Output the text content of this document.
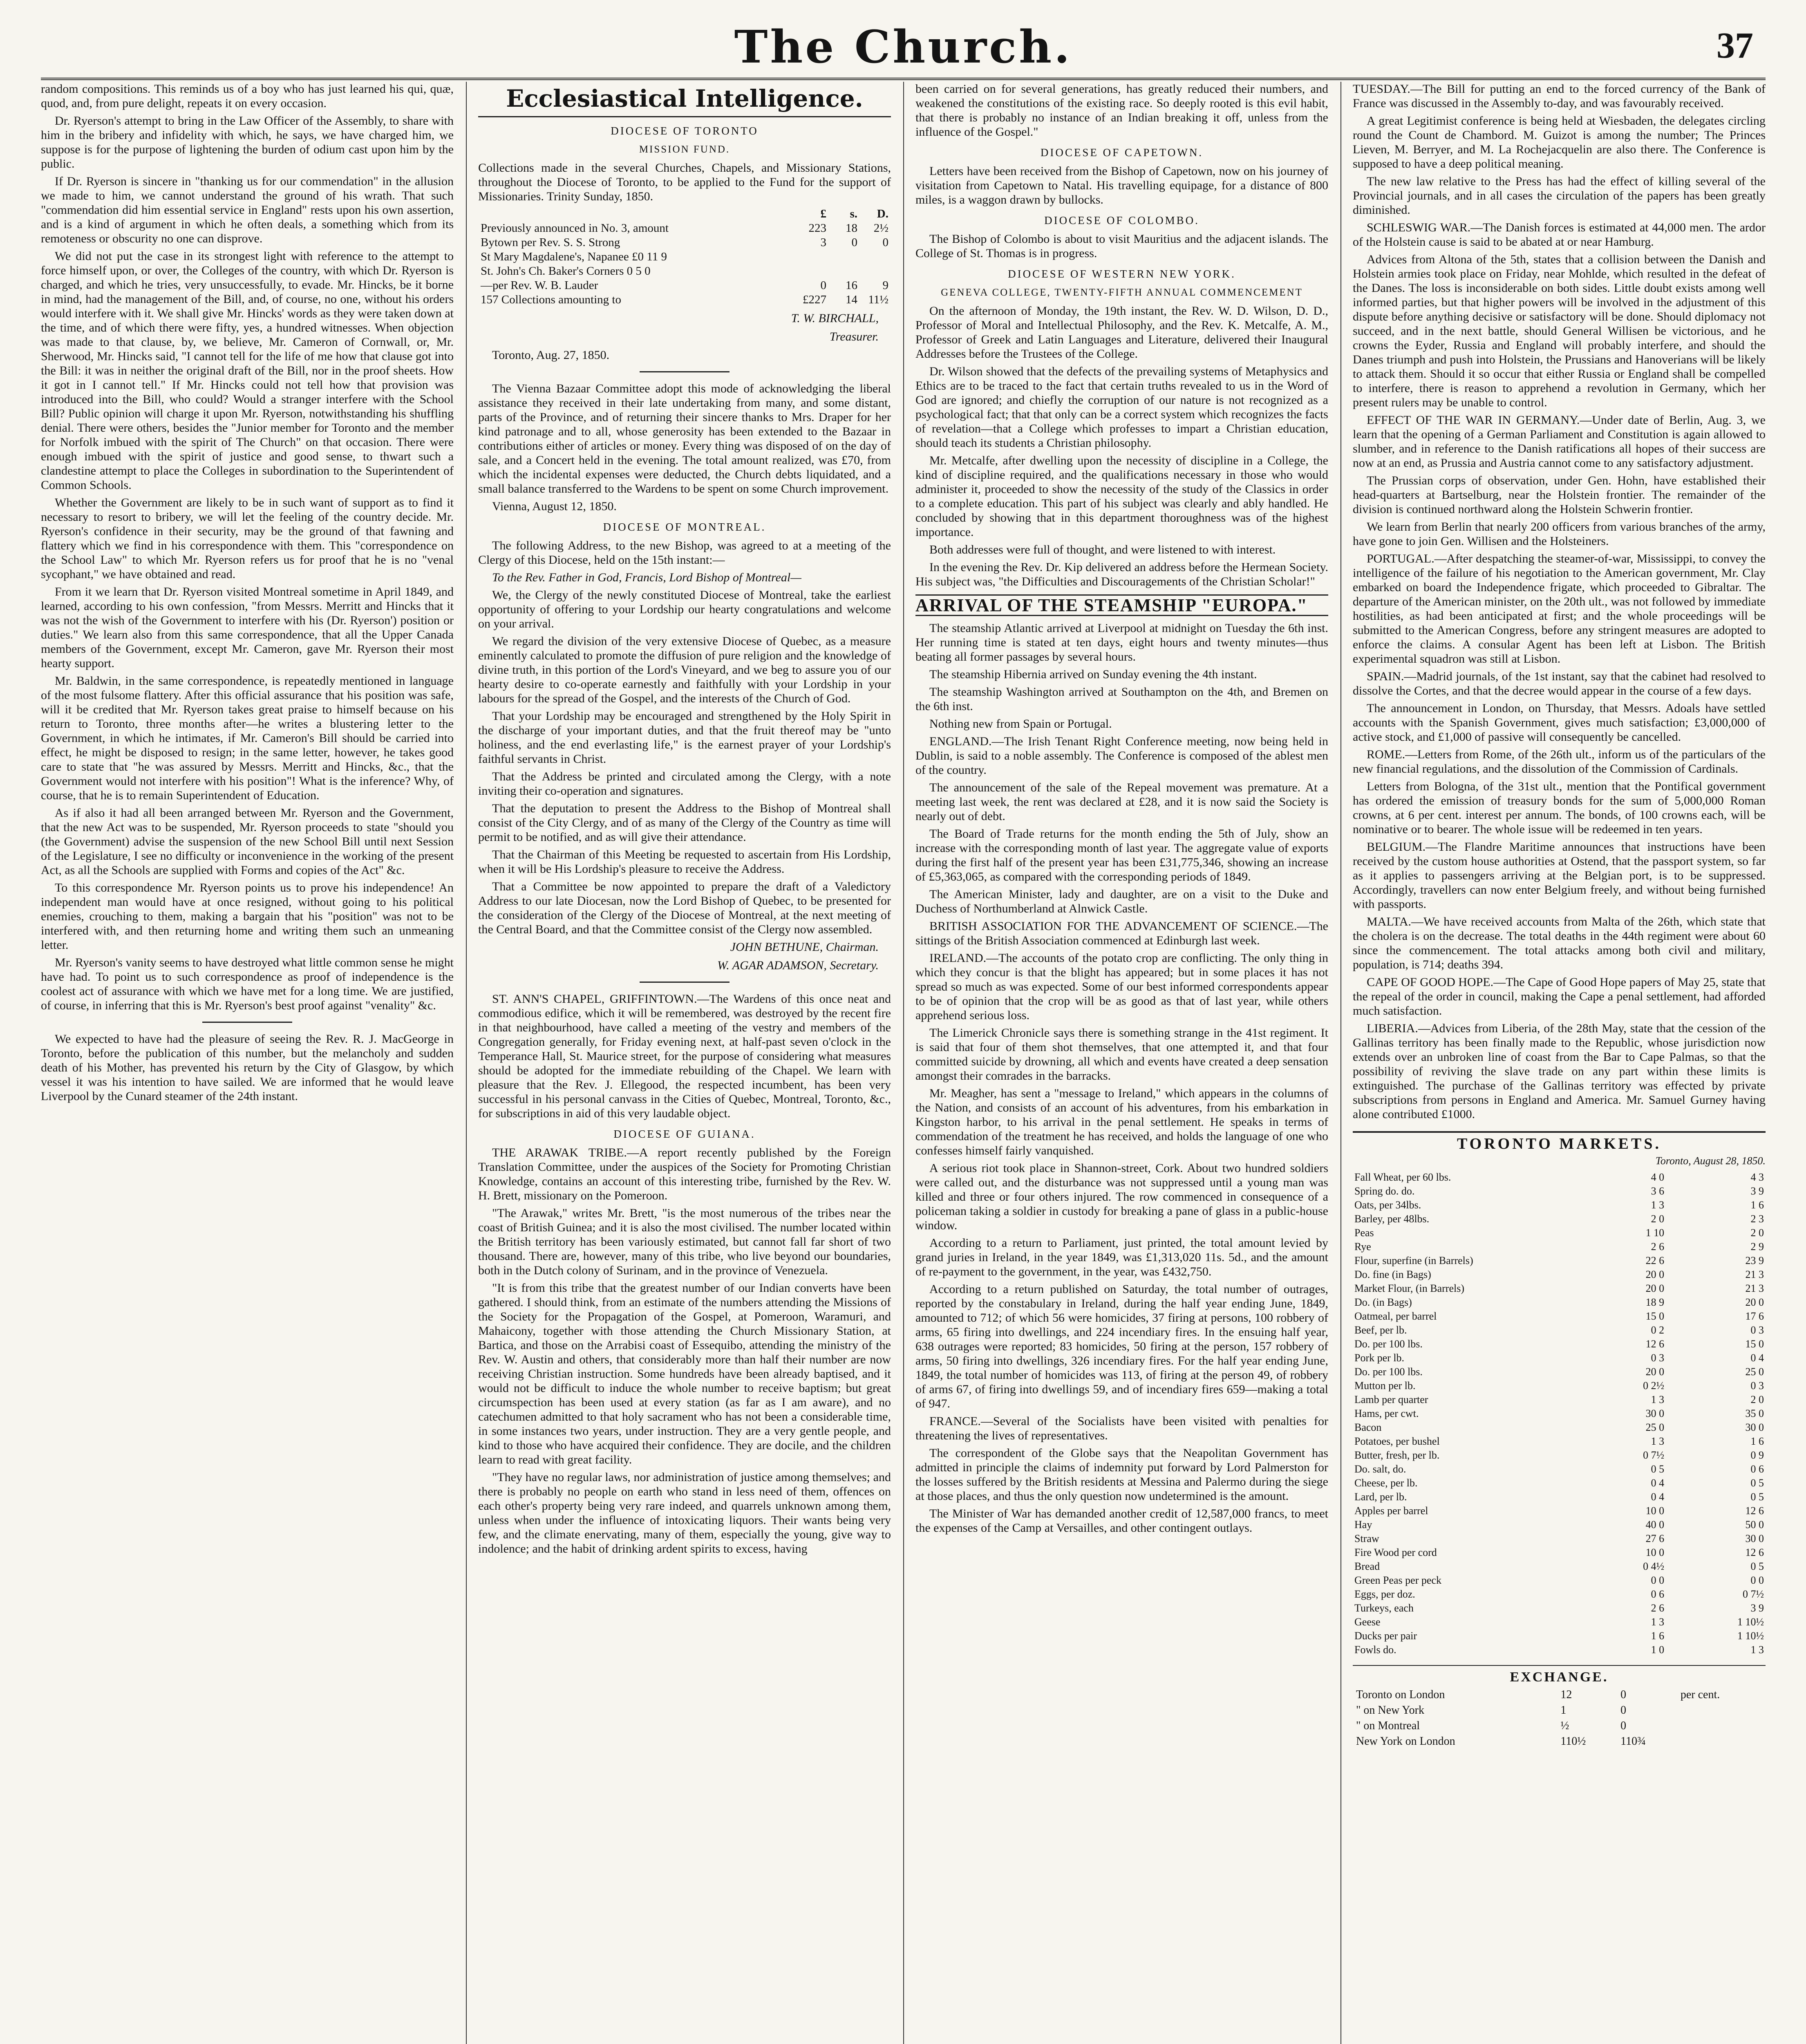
The Church.	37

random compositions. This reminds us of a boy who has just learned his qui, quæ, quod, and, from pure delight, repeats it on every occasion.

Dr. Ryerson's attempt to bring in the Law Officer of the Assembly, to share with him in the bribery and infidelity with which, he says, we have charged him, we suppose is for the purpose of lightening the burden of odium cast upon him by the public.

If Dr. Ryerson is sincere in "thanking us for our commendation" in the allusion we made to him, we cannot understand the ground of his wrath. That such "commendation did him essential service in England" rests upon his own assertion, and is a kind of argument in which he often deals, a something which from its remoteness or obscurity no one can disprove.

We did not put the case in its strongest light with reference to the attempt to force himself upon, or over, the Colleges of the country, with which Dr. Ryerson is charged, and which he tries, very unsuccessfully, to evade. Mr. Hincks, be it borne in mind, had the management of the Bill, and, of course, no one, without his orders would interfere with it. We shall give Mr. Hincks' words as they were taken down at the time, and of which there were fifty, yes, a hundred witnesses. When objection was made to that clause, by, we believe, Mr. Cameron of Cornwall, or, Mr. Sherwood, Mr. Hincks said, "I cannot tell for the life of me how that clause got into the Bill: it was in neither the original draft of the Bill, nor in the proof sheets. How it got in I cannot tell." If Mr. Hincks could not tell how that provision was introduced into the Bill, who could? Would a stranger interfere with the School Bill? Public opinion will charge it upon Mr. Ryerson, notwithstanding his shuffling denial. There were others, besides the "Junior member for Toronto and the member for Norfolk imbued with the spirit of The Church" on that occasion. There were enough imbued with the spirit of justice and good sense, to thwart such a clandestine attempt to place the Colleges in subordination to the Superintendent of Common Schools.

Whether the Government are likely to be in such want of support as to find it necessary to resort to bribery, we will let the feeling of the country decide. Mr. Ryerson's confidence in their security, may be the ground of that fawning and flattery which we find in his correspondence with them. This "correspondence on the School Law" to which Mr. Ryerson refers us for proof that he is no "venal sycophant," we have obtained and read.

From it we learn that Dr. Ryerson visited Montreal sometime in April 1849, and learned, according to his own confession, "from Messrs. Merritt and Hincks that it was not the wish of the Government to interfere with his (Dr. Ryerson') position or duties." We learn also from this same correspondence, that all the Upper Canada members of the Government, except Mr. Cameron, gave Mr. Ryerson their most hearty support.

Mr. Baldwin, in the same correspondence, is repeatedly mentioned in language of the most fulsome flattery. After this official assurance that his position was safe, will it be credited that Mr. Ryerson takes great praise to himself because on his return to Toronto, three months after—he writes a blustering letter to the Government, in which he intimates, if Mr. Cameron's Bill should be carried into effect, he might be disposed to resign; in the same letter, however, he takes good care to state that "he was assured by Messrs. Merritt and Hincks, &c., that the Government would not interfere with his position"! What is the inference? Why, of course, that he is to remain Superintendent of Education.

As if also it had all been arranged between Mr. Ryerson and the Government, that the new Act was to be suspended, Mr. Ryerson proceeds to state "should you (the Government) advise the suspension of the new School Bill until next Session of the Legislature, I see no difficulty or inconvenience in the working of the present Act, as all the Schools are supplied with Forms and copies of the Act" &c.

To this correspondence Mr. Ryerson points us to prove his independence! An independent man would have at once resigned, without going to his political enemies, crouching to them, making a bargain that his "position" was not to be interfered with, and then returning home and writing them such an unmeaning letter.

Mr. Ryerson's vanity seems to have destroyed what little common sense he might have had. To point us to such correspondence as proof of independence is the coolest act of assurance with which we have met for a long time. We are justified, of course, in inferring that this is Mr. Ryerson's best proof against "venality" &c.

We expected to have had the pleasure of seeing the Rev. R. J. MacGeorge in Toronto, before the publication of this number, but the melancholy and sudden death of his Mother, has prevented his return by the City of Glasgow, by which vessel it was his intention to have sailed. We are informed that he would leave Liverpool by the Cunard steamer of the 24th instant.

Ecclesiastical Intelligence.
DIOCESE OF TORONTO
MISSION FUND.

Collections made in the several Churches, Chapels, and Missionary Stations, throughout the Diocese of Toronto, to be applied to the Fund for the support of Missionaries. Trinity Sunday, 1850.

	£	s.	D.
Previously announced in No. 3, amount	223	18	2½
Bytown per Rev. S. S. Strong	3	0	0
St Mary Magdalene's, Napanee £0 11 9			
St. John's Ch. Baker's Corners 0 5 0			
—per Rev. W. B. Lauder	0	16	9
157 Collections amounting to	£227	14	11½

T. W. BIRCHALL,

Treasurer.

Toronto, Aug. 27, 1850.

The Vienna Bazaar Committee adopt this mode of acknowledging the liberal assistance they received in their late undertaking from many, and some distant, parts of the Province, and of returning their sincere thanks to Mrs. Draper for her kind patronage and to all, whose generosity has been extended to the Bazaar in contributions either of articles or money. Every thing was disposed of on the day of sale, and a Concert held in the evening. The total amount realized, was £70, from which the incidental expenses were deducted, the Church debts liquidated, and a small balance transferred to the Wardens to be spent on some Church improvement.

Vienna, August 12, 1850.

DIOCESE OF MONTREAL.

The following Address, to the new Bishop, was agreed to at a meeting of the Clergy of this Diocese, held on the 15th instant:—

To the Rev. Father in God, Francis, Lord Bishop of Montreal—

We, the Clergy of the newly constituted Diocese of Montreal, take the earliest opportunity of offering to your Lordship our hearty congratulations and welcome on your arrival.

We regard the division of the very extensive Diocese of Quebec, as a measure eminently calculated to promote the diffusion of pure religion and the knowledge of divine truth, in this portion of the Lord's Vineyard, and we beg to assure you of our hearty desire to co-operate earnestly and faithfully with your Lordship in your labours for the spread of the Gospel, and the interests of the Church of God.

That your Lordship may be encouraged and strengthened by the Holy Spirit in the discharge of your important duties, and that the fruit thereof may be "unto holiness, and the end everlasting life," is the earnest prayer of your Lordship's faithful servants in Christ.

That the Address be printed and circulated among the Clergy, with a note inviting their co-operation and signatures.

That the deputation to present the Address to the Bishop of Montreal shall consist of the City Clergy, and of as many of the Clergy of the Country as time will permit to be notified, and as will give their attendance.

That the Chairman of this Meeting be requested to ascertain from His Lordship, when it will be His Lordship's pleasure to receive the Address.

That a Committee be now appointed to prepare the draft of a Valedictory Address to our late Diocesan, now the Lord Bishop of Quebec, to be presented for the consideration of the Clergy of the Diocese of Montreal, at the next meeting of the Central Board, and that the Committee consist of the Clergy now assembled.

JOHN BETHUNE, Chairman.

W. AGAR ADAMSON, Secretary.

ST. ANN'S CHAPEL, GRIFFINTOWN.—The Wardens of this once neat and commodious edifice, which it will be remembered, was destroyed by the recent fire in that neighbourhood, have called a meeting of the vestry and members of the Congregation generally, for Friday evening next, at half-past seven o'clock in the Temperance Hall, St. Maurice street, for the purpose of considering what measures should be adopted for the immediate rebuilding of the Chapel. We learn with pleasure that the Rev. J. Ellegood, the respected incumbent, has been very successful in his personal canvass in the Cities of Quebec, Montreal, Toronto, &c., for subscriptions in aid of this very laudable object.

DIOCESE OF GUIANA.

THE ARAWAK TRIBE.—A report recently published by the Foreign Translation Committee, under the auspices of the Society for Promoting Christian Knowledge, contains an account of this interesting tribe, furnished by the Rev. W. H. Brett, missionary on the Pomeroon.

"The Arawak," writes Mr. Brett, "is the most numerous of the tribes near the coast of British Guinea; and it is also the most civilised. The number located within the British territory has been variously estimated, but cannot fall far short of two thousand. There are, however, many of this tribe, who live beyond our boundaries, both in the Dutch colony of Surinam, and in the province of Venezuela.

"It is from this tribe that the greatest number of our Indian converts have been gathered. I should think, from an estimate of the numbers attending the Missions of the Society for the Propagation of the Gospel, at Pomeroon, Waramuri, and Mahaicony, together with those attending the Church Missionary Station, at Bartica, and those on the Arrabisi coast of Essequibo, attending the ministry of the Rev. W. Austin and others, that considerably more than half their number are now receiving Christian instruction. Some hundreds have been already baptised, and it would not be difficult to induce the whole number to receive baptism; but great circumspection has been used at every station (as far as I am aware), and no catechumen admitted to that holy sacrament who has not been a considerable time, in some instances two years, under instruction. They are a very gentle people, and kind to those who have acquired their confidence. They are docile, and the children learn to read with great facility.

"They have no regular laws, nor administration of justice among themselves; and there is probably no people on earth who stand in less need of them, offences on each other's property being very rare indeed, and quarrels unknown among them, unless when under the influence of intoxicating liquors. Their wants being very few, and the climate enervating, many of them, especially the young, give way to indolence; and the habit of drinking ardent spirits to excess, having

been carried on for several generations, has greatly reduced their numbers, and weakened the constitutions of the existing race. So deeply rooted is this evil habit, that there is probably no instance of an Indian breaking it off, unless from the influence of the Gospel."

DIOCESE OF CAPETOWN.

Letters have been received from the Bishop of Capetown, now on his journey of visitation from Capetown to Natal. His travelling equipage, for a distance of 800 miles, is a waggon drawn by bullocks.

DIOCESE OF COLOMBO.

The Bishop of Colombo is about to visit Mauritius and the adjacent islands. The College of St. Thomas is in progress.

DIOCESE OF WESTERN NEW YORK.
GENEVA COLLEGE, TWENTY-FIFTH ANNUAL COMMENCEMENT

On the afternoon of Monday, the 19th instant, the Rev. W. D. Wilson, D. D., Professor of Moral and Intellectual Philosophy, and the Rev. K. Metcalfe, A. M., Professor of Greek and Latin Languages and Literature, delivered their Inaugural Addresses before the Trustees of the College.

Dr. Wilson showed that the defects of the prevailing systems of Metaphysics and Ethics are to be traced to the fact that certain truths revealed to us in the Word of God are ignored; and chiefly the corruption of our nature is not recognized as a psychological fact; that that only can be a correct system which recognizes the facts of revelation—that a College which professes to impart a Christian education, should teach its students a Christian philosophy.

Mr. Metcalfe, after dwelling upon the necessity of discipline in a College, the kind of discipline required, and the qualifications necessary in those who would administer it, proceeded to show the necessity of the study of the Classics in order to a complete education. This part of his subject was clearly and ably handled. He concluded by showing that in this department thoroughness was of the highest importance.

Both addresses were full of thought, and were listened to with interest.

In the evening the Rev. Dr. Kip delivered an address before the Hermean Society. His subject was, "the Difficulties and Discouragements of the Christian Scholar!"

ARRIVAL OF THE STEAMSHIP "EUROPA."

The steamship Atlantic arrived at Liverpool at midnight on Tuesday the 6th inst. Her running time is stated at ten days, eight hours and twenty minutes—thus beating all former passages by several hours.

The steamship Hibernia arrived on Sunday evening the 4th instant.

The steamship Washington arrived at Southampton on the 4th, and Bremen on the 6th inst.

Nothing new from Spain or Portugal.

ENGLAND.—The Irish Tenant Right Conference meeting, now being held in Dublin, is said to a noble assembly. The Conference is composed of the ablest men of the country.

The announcement of the sale of the Repeal movement was premature. At a meeting last week, the rent was declared at £28, and it is now said the Society is nearly out of debt.

The Board of Trade returns for the month ending the 5th of July, show an increase with the corresponding month of last year. The aggregate value of exports during the first half of the present year has been £31,775,346, showing an increase of £5,363,065, as compared with the corresponding periods of 1849.

The American Minister, lady and daughter, are on a visit to the Duke and Duchess of Northumberland at Alnwick Castle.

BRITISH ASSOCIATION FOR THE ADVANCEMENT OF SCIENCE.—The sittings of the British Association commenced at Edinburgh last week.

IRELAND.—The accounts of the potato crop are conflicting. The only thing in which they concur is that the blight has appeared; but in some places it has not spread so much as was expected. Some of our best informed correspondents appear to be of opinion that the crop will be as good as that of last year, while others apprehend serious loss.

The Limerick Chronicle says there is something strange in the 41st regiment. It is said that four of them shot themselves, that one attempted it, and that four committed suicide by drowning, all which and events have created a deep sensation amongst their comrades in the barracks.

Mr. Meagher, has sent a "message to Ireland," which appears in the columns of the Nation, and consists of an account of his adventures, from his embarkation in Kingston harbor, to his arrival in the penal settlement. He speaks in terms of commendation of the treatment he has received, and holds the language of one who confesses himself fairly vanquished.

A serious riot took place in Shannon-street, Cork. About two hundred soldiers were called out, and the disturbance was not suppressed until a young man was killed and three or four others injured. The row commenced in consequence of a policeman taking a soldier in custody for breaking a pane of glass in a public-house window.

According to a return to Parliament, just printed, the total amount levied by grand juries in Ireland, in the year 1849, was £1,313,020 11s. 5d., and the amount of re-payment to the government, in the year, was £432,750.

According to a return published on Saturday, the total number of outrages, reported by the constabulary in Ireland, during the half year ending June, 1849, amounted to 712; of which 56 were homicides, 37 firing at persons, 100 robbery of arms, 65 firing into dwellings, and 224 incendiary fires. In the ensuing half year, 638 outrages were reported; 83 homicides, 50 firing at the person, 157 robbery of arms, 50 firing into dwellings, 326 incendiary fires. For the half year ending June, 1849, the total number of homicides was 113, of firing at the person 49, of robbery of arms 67, of firing into dwellings 59, and of incendiary fires 659—making a total of 947.

FRANCE.—Several of the Socialists have been visited with penalties for threatening the lives of representatives.

The correspondent of the Globe says that the Neapolitan Government has admitted in principle the claims of indemnity put forward by Lord Palmerston for the losses suffered by the British residents at Messina and Palermo during the siege at those places, and thus the only question now undetermined is the amount.

The Minister of War has demanded another credit of 12,587,000 francs, to meet the expenses of the Camp at Versailles, and other contingent outlays.

TUESDAY.—The Bill for putting an end to the forced currency of the Bank of France was discussed in the Assembly to-day, and was favourably received.

A great Legitimist conference is being held at Wiesbaden, the delegates circling round the Count de Chambord. M. Guizot is among the number; The Princes Lieven, M. Berryer, and M. La Rochejacquelin are also there. The Conference is supposed to have a deep political meaning.

The new law relative to the Press has had the effect of killing several of the Provincial journals, and in all cases the circulation of the papers has been greatly diminished.

SCHLESWIG WAR.—The Danish forces is estimated at 44,000 men. The ardor of the Holstein cause is said to be abated at or near Hamburg.

Advices from Altona of the 5th, states that a collision between the Danish and Holstein armies took place on Friday, near Mohlde, which resulted in the defeat of the Danes. The loss is inconsiderable on both sides. Little doubt exists among well informed parties, but that higher powers will be involved in the adjustment of this dispute before anything decisive or satisfactory will be done. Should diplomacy not succeed, and in the next battle, should General Willisen be victorious, and he crowns the Eyder, Russia and England will probably interfere, and should the Danes triumph and push into Holstein, the Prussians and Hanoverians will be likely to attack them. Should it so occur that either Russia or England shall be compelled to interfere, there is reason to apprehend a revolution in Germany, which her present rulers may be unable to control.

EFFECT OF THE WAR IN GERMANY.—Under date of Berlin, Aug. 3, we learn that the opening of a German Parliament and Constitution is again allowed to slumber, and in reference to the Danish ratifications all hopes of their success are now at an end, as Prussia and Austria cannot come to any satisfactory adjustment.

The Prussian corps of observation, under Gen. Hohn, have established their head-quarters at Bartselburg, near the Holstein frontier. The remainder of the division is continued northward along the Holstein Schwerin frontier.

We learn from Berlin that nearly 200 officers from various branches of the army, have gone to join Gen. Willisen and the Holsteiners.

PORTUGAL.—After despatching the steamer-of-war, Mississippi, to convey the intelligence of the failure of his negotiation to the American government, Mr. Clay embarked on board the Independence frigate, which proceeded to Gibraltar. The departure of the American minister, on the 20th ult., was not followed by immediate hostilities, as had been anticipated at first; and the whole proceedings will be submitted to the American Congress, before any stringent measures are adopted to enforce the claims. A consular Agent has been left at Lisbon. The British experimental squadron was still at Lisbon.

SPAIN.—Madrid journals, of the 1st instant, say that the cabinet had resolved to dissolve the Cortes, and that the decree would appear in the course of a few days.

The announcement in London, on Thursday, that Messrs. Adoals have settled accounts with the Spanish Government, gives much satisfaction; £3,000,000 of active stock, and £1,000 of passive will consequently be cancelled.

ROME.—Letters from Rome, of the 26th ult., inform us of the particulars of the new financial regulations, and the dissolution of the Commission of Cardinals.

Letters from Bologna, of the 31st ult., mention that the Pontifical government has ordered the emission of treasury bonds for the sum of 5,000,000 Roman crowns, at 6 per cent. interest per annum. The bonds, of 100 crowns each, will be nominative or to bearer. The whole issue will be redeemed in ten years.

BELGIUM.—The Flandre Maritime announces that instructions have been received by the custom house authorities at Ostend, that the passport system, so far as it applies to passengers arriving at the Belgian port, is to be suppressed. Accordingly, travellers can now enter Belgium freely, and without being furnished with passports.

MALTA.—We have received accounts from Malta of the 26th, which state that the cholera is on the decrease. The total deaths in the 44th regiment were about 60 since the commencement. The total attacks among both civil and military, population, is 714; deaths 394.

CAPE OF GOOD HOPE.—The Cape of Good Hope papers of May 25, state that the repeal of the order in council, making the Cape a penal settlement, had afforded much satisfaction.

LIBERIA.—Advices from Liberia, of the 28th May, state that the cession of the Gallinas territory has been finally made to the Republic, whose jurisdiction now extends over an unbroken line of coast from the Bar to Cape Palmas, so that the possibility of reviving the slave trade on any part within these limits is extinguished. The purchase of the Gallinas territory was effected by private subscriptions from persons in England and America. Mr. Samuel Gurney having alone contributed £1000.

TORONTO MARKETS.
Toronto, August 28, 1850.
Fall Wheat, per 60 lbs.	4 0	4 3
Spring do. do.	3 6	3 9
Oats, per 34lbs.	1 3	1 6
Barley, per 48lbs.	2 0	2 3
Peas	1 10	2 0
Rye	2 6	2 9
Flour, superfine (in Barrels)	22 6	23 9
Do. fine (in Bags)	20 0	21 3
Market Flour, (in Barrels)	20 0	21 3
Do. (in Bags)	18 9	20 0
Oatmeal, per barrel	15 0	17 6
Beef, per lb.	0 2	0 3
Do. per 100 lbs.	12 6	15 0
Pork per lb.	0 3	0 4
Do. per 100 lbs.	20 0	25 0
Mutton per lb.	0 2½	0 3
Lamb per quarter	1 3	2 0
Hams, per cwt.	30 0	35 0
Bacon	25 0	30 0
Potatoes, per bushel	1 3	1 6
Butter, fresh, per lb.	0 7½	0 9
Do. salt, do.	0 5	0 6
Cheese, per lb.	0 4	0 5
Lard, per lb.	0 4	0 5
Apples per barrel	10 0	12 6
Hay	40 0	50 0
Straw	27 6	30 0
Fire Wood per cord	10 0	12 6
Bread	0 4½	0 5
Green Peas per peck	0 0	0 0
Eggs, per doz.	0 6	0 7½
Turkeys, each	2 6	3 9
Geese	1 3	1 10½
Ducks per pair	1 6	1 10½
Fowls do.	1 0	1 3
EXCHANGE.
Toronto on London	12	0	per cent.
" on New York	1	0	
" on Montreal	½	0	
New York on London	110½	110¾	
